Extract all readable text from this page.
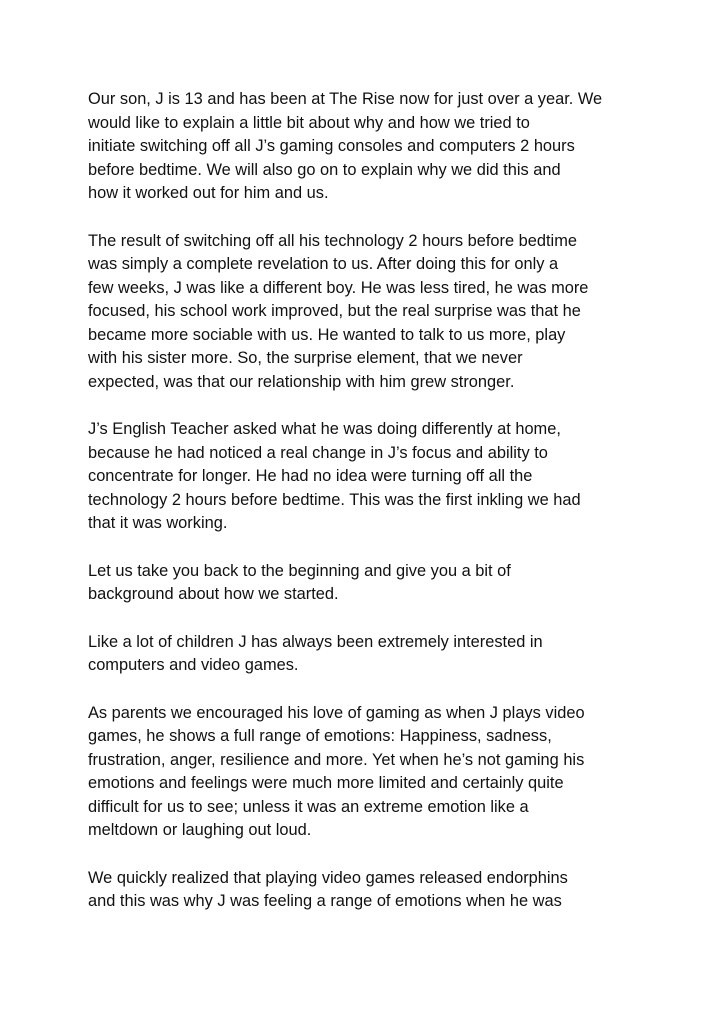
Our son, J is 13 and has been at The Rise now for just over a year. We
would like to explain a little bit about why and how we tried to
initiate switching off all J’s gaming consoles and computers 2 hours
before bedtime. We will also go on to explain why we did this and
how it worked out for him and us.

The result of switching off all his technology 2 hours before bedtime
was simply a complete revelation to us. After doing this for only a
few weeks, J was like a different boy. He was less tired, he was more
focused, his school work improved, but the real surprise was that he
became more sociable with us. He wanted to talk to us more, play
with his sister more. So, the surprise element, that we never
expected, was that our relationship with him grew stronger.

J’s English Teacher asked what he was doing differently at home,
because he had noticed a real change in J’s focus and ability to
concentrate for longer. He had no idea were turning off all the
technology 2 hours before bedtime. This was the first inkling we had
that it was working.

Let us take you back to the beginning and give you a bit of
background about how we started.

Like a lot of children J has always been extremely interested in
computers and video games.

As parents we encouraged his love of gaming as when J plays video
games, he shows a full range of emotions: Happiness, sadness,
frustration, anger, resilience and more. Yet when he’s not gaming his
emotions and feelings were much more limited and certainly quite
difficult for us to see; unless it was an extreme emotion like a
meltdown or laughing out loud.

We quickly realized that playing video games released endorphins
and this was why J was feeling a range of emotions when he was
